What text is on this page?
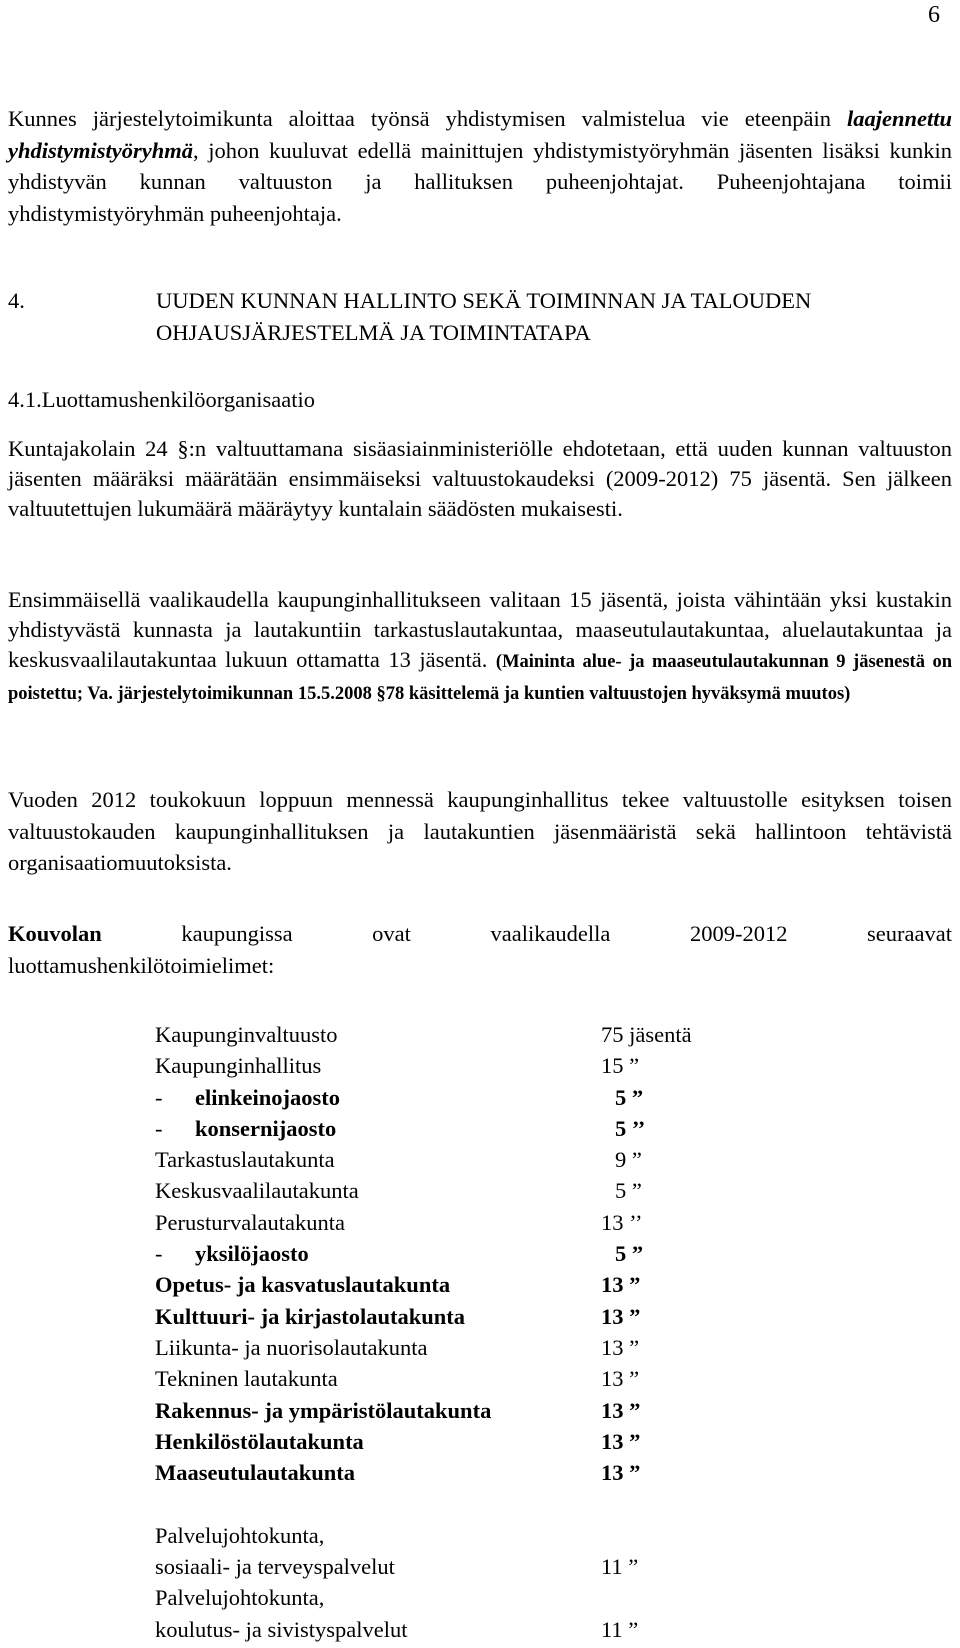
6

Kunnes järjestelytoimikunta aloittaa työnsä yhdistymisen valmistelua vie eteenpäin laajennettu yhdistymistyöryhmä, johon kuuluvat edellä mainittujen yhdistymistyöryhmän jäsenten lisäksi kunkin yhdistyvän kunnan valtuuston ja hallituksen puheenjohtajat. Puheenjohtajana toimii yhdistymistyöryhmän puheenjohtaja.

4.	UUDEN KUNNAN HALLINTO SEKÄ TOIMINNAN JA TALOUDEN OHJAUSJÄRJESTELMÄ JA TOIMINTATAPA
4.1.Luottamushenkilöorganisaatio

Kuntajakolain 24 §:n valtuuttamana sisäasiainministeriölle ehdotetaan, että uuden kunnan valtuuston jäsenten määräksi määrätään ensimmäiseksi valtuustokaudeksi (2009-2012) 75 jäsentä. Sen jälkeen valtuutettujen lukumäärä määräytyy kuntalain säädösten mukaisesti.

Ensimmäisellä vaalikaudella kaupunginhallitukseen valitaan 15 jäsentä, joista vähintään yksi kustakin yhdistyvästä kunnasta ja lautakuntiin tarkastuslautakuntaa, maaseutulautakuntaa, aluelautakuntaa ja keskusvaalilautakuntaa lukuun ottamatta 13 jäsentä. (Maininta alue- ja maaseutulautakunnan 9 jäsenestä on poistettu; Va. järjestelytoimikunnan 15.5.2008 §78 käsittelemä ja kuntien valtuustojen hyväksymä muutos)

Vuoden 2012 toukokuun loppuun mennessä kaupunginhallitus tekee valtuustolle esityksen toisen valtuustokauden kaupunginhallituksen ja lautakuntien jäsenmääristä sekä hallintoon tehtävistä organisaatiomuutoksista.

Kouvolan	kaupungissa	ovat	vaalikaudella	2009-2012	seuraavat
luottamushenkilötoimielimet:
Kaupunginvaltuusto	75 jäsentä
Kaupunginhallitus	15 ”
- elinkeinojaosto	5 ”
- konsernijaosto	5 ’’
Tarkastuslautakunta	9 ”
Keskusvaalilautakunta	5 ”
Perusturvalautakunta	13 ’’
- yksilöjaosto	5 ”
Opetus- ja kasvatuslautakunta	13 ”
Kulttuuri- ja kirjastolautakunta	13 ”
Liikunta- ja nuorisolautakunta	13 ”
Tekninen lautakunta	13 ”
Rakennus- ja ympäristölautakunta	13 ”
Henkilöstölautakunta	13 ”
Maaseutulautakunta	13 ”
Palvelujohtokunta,
sosiaali- ja terveyspalvelut	11 ”
Palvelujohtokunta,
koulutus- ja sivistyspalvelut	11 ”
